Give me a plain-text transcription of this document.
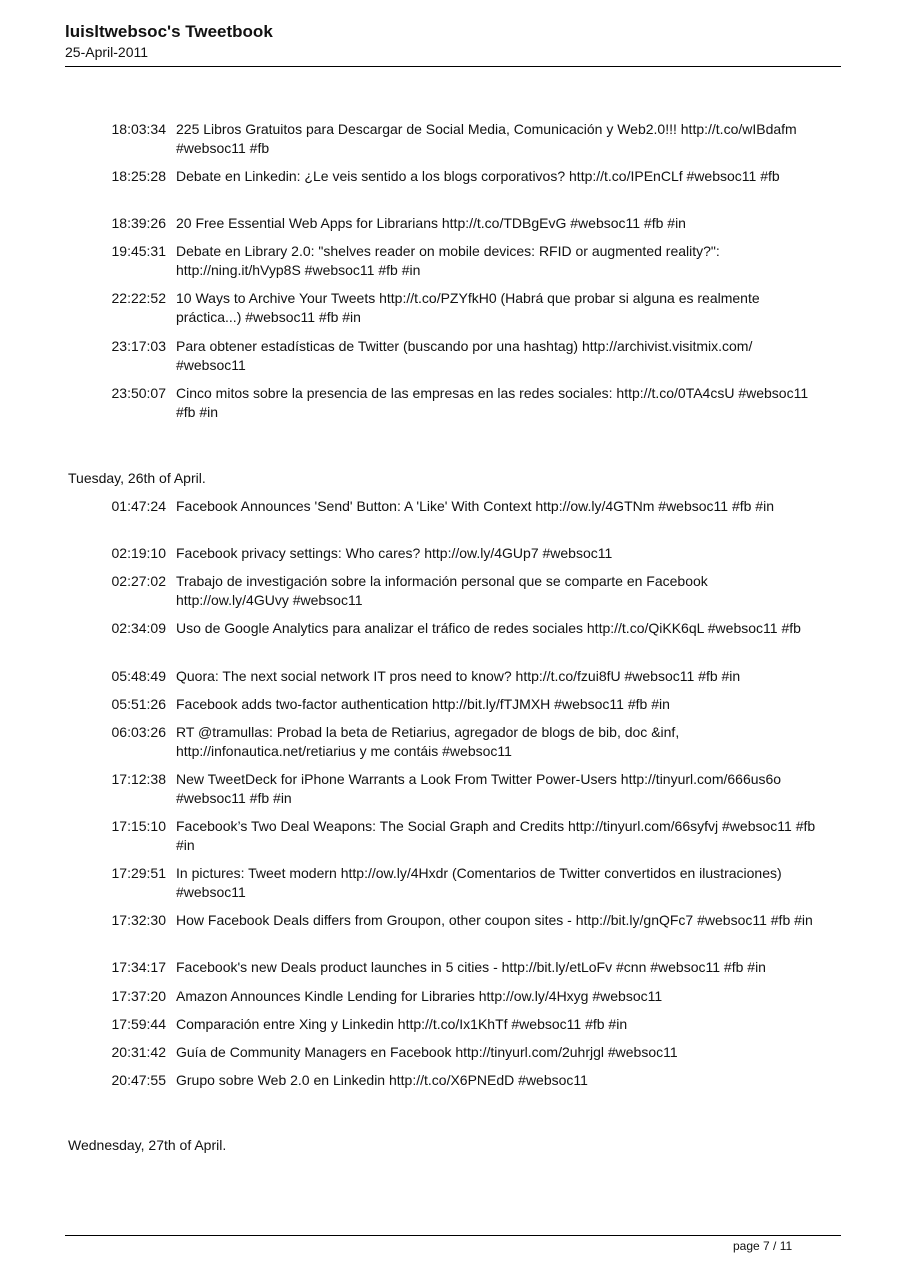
luisltwebsoc's Tweetbook
25-April-2011
18:03:34 225 Libros Gratuitos para Descargar de Social Media, Comunicación y Web2.0!!! http://t.co/wIBdafm #websoc11 #fb
18:25:28 Debate en Linkedin: ¿Le veis sentido a los blogs corporativos? http://t.co/IPEnCLf #websoc11 #fb
18:39:26 20 Free Essential Web Apps for Librarians http://t.co/TDBgEvG #websoc11 #fb #in
19:45:31 Debate en Library 2.0: "shelves reader on mobile devices: RFID or augmented reality?": http://ning.it/hVyp8S #websoc11 #fb #in
22:22:52 10 Ways to Archive Your Tweets http://t.co/PZYfkH0 (Habrá que probar si alguna es realmente práctica...) #websoc11 #fb #in
23:17:03 Para obtener estadísticas de Twitter (buscando por una hashtag) http://archivist.visitmix.com/ #websoc11
23:50:07 Cinco mitos sobre la presencia de las empresas en las redes sociales: http://t.co/0TA4csU #websoc11 #fb #in
Tuesday, 26th of April.
01:47:24 Facebook Announces 'Send' Button: A 'Like' With Context http://ow.ly/4GTNm #websoc11 #fb #in
02:19:10 Facebook privacy settings: Who cares? http://ow.ly/4GUp7 #websoc11
02:27:02 Trabajo de investigación sobre la información personal que se comparte en Facebook http://ow.ly/4GUvy #websoc11
02:34:09 Uso de Google Analytics para analizar el tráfico de redes sociales http://t.co/QiKK6qL #websoc11 #fb
05:48:49 Quora: The next social network IT pros need to know? http://t.co/fzui8fU #websoc11 #fb #in
05:51:26 Facebook adds two-factor authentication http://bit.ly/fTJMXH #websoc11 #fb #in
06:03:26 RT @tramullas: Probad la beta de Retiarius, agregador de blogs de bib, doc &inf, http://infonautica.net/retiarius y me contáis #websoc11
17:12:38 New TweetDeck for iPhone Warrants a Look From Twitter Power-Users http://tinyurl.com/666us6o #websoc11 #fb #in
17:15:10 Facebook’s Two Deal Weapons: The Social Graph and Credits http://tinyurl.com/66syfvj #websoc11 #fb #in
17:29:51 In pictures: Tweet modern http://ow.ly/4Hxdr (Comentarios de Twitter convertidos en ilustraciones) #websoc11
17:32:30 How Facebook Deals differs from Groupon, other coupon sites - http://bit.ly/gnQFc7 #websoc11 #fb #in
17:34:17 Facebook's new Deals product launches in 5 cities - http://bit.ly/etLoFv #cnn #websoc11 #fb #in
17:37:20 Amazon Announces Kindle Lending for Libraries http://ow.ly/4Hxyg #websoc11
17:59:44 Comparación entre Xing y Linkedin http://t.co/Ix1KhTf #websoc11 #fb #in
20:31:42 Guía de Community Managers en Facebook http://tinyurl.com/2uhrjgl #websoc11
20:47:55 Grupo sobre Web 2.0 en Linkedin http://t.co/X6PNEdD #websoc11
Wednesday, 27th of April.
page 7 / 11
